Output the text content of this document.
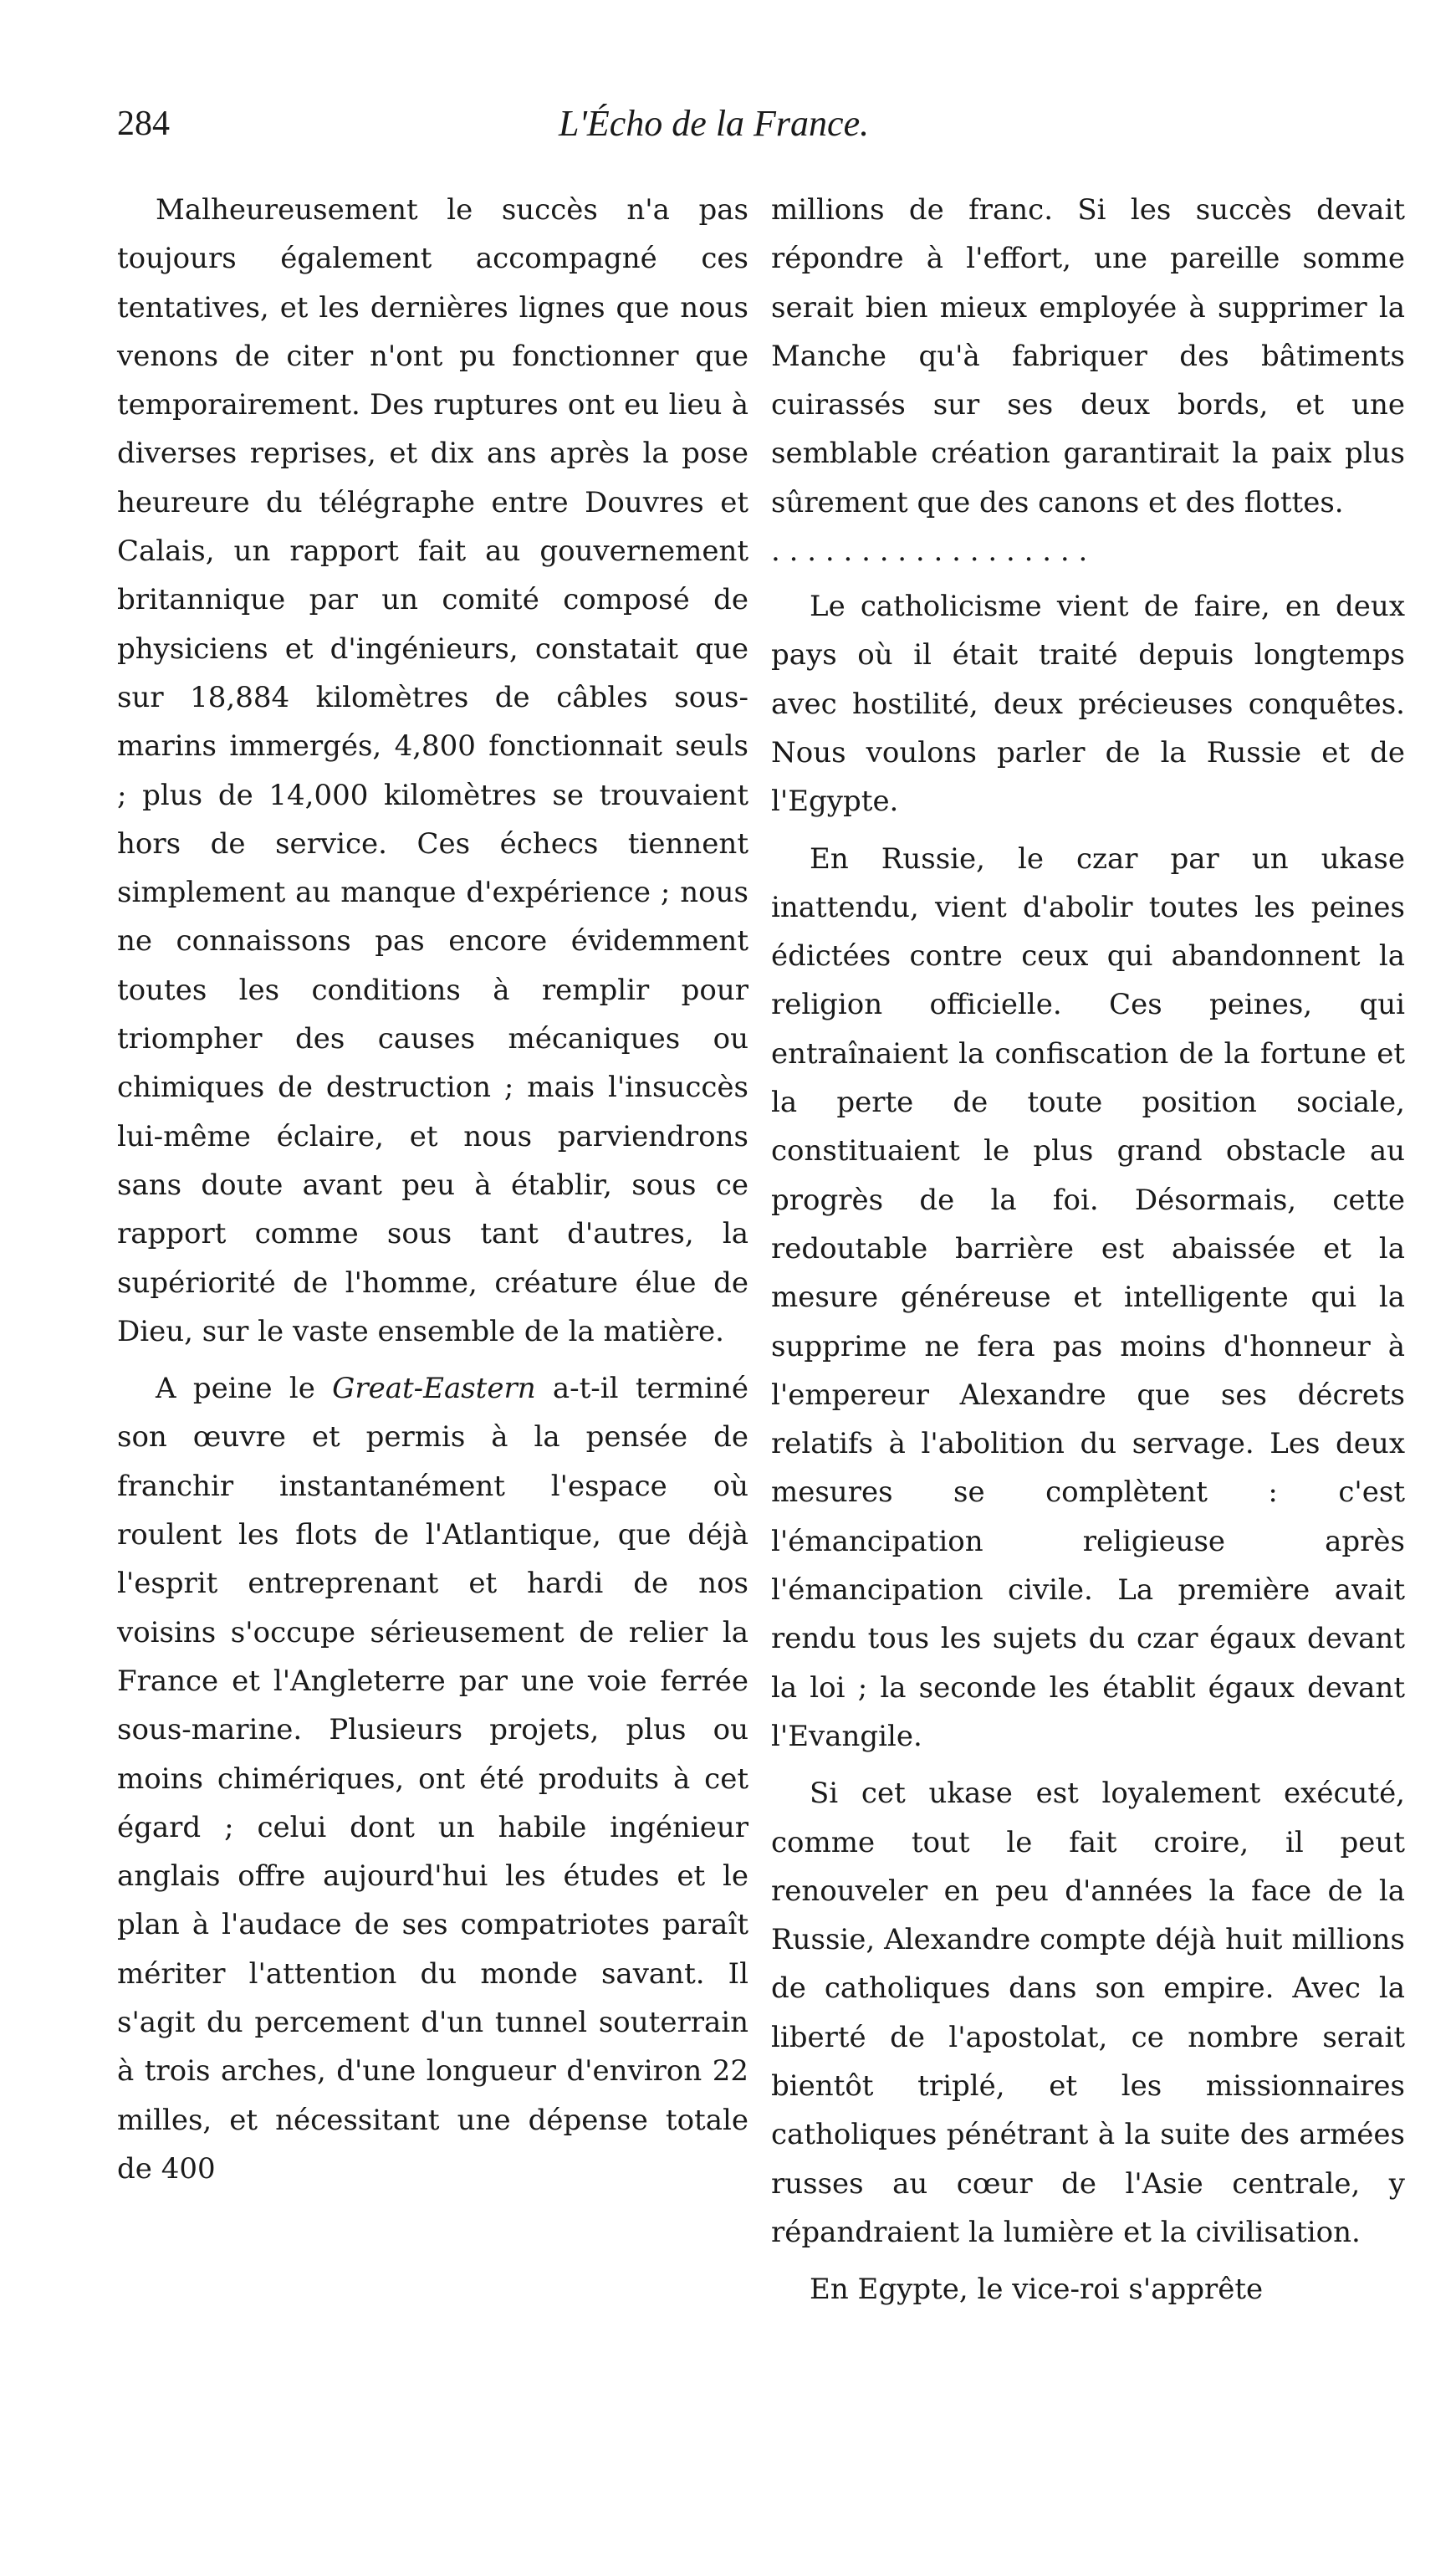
284	L'Écho de la France.

Malheureusement le succès n'a pas toujours également accompagné ces tentatives, et les dernières lignes que nous venons de citer n'ont pu fonctionner que temporairement. Des ruptures ont eu lieu à diverses reprises, et dix ans après la pose heureure du télégraphe entre Douvres et Calais, un rapport fait au gouvernement britannique par un comité composé de physiciens et d'ingénieurs, constatait que sur 18,884 kilomètres de câbles sous-marins immergés, 4,800 fonctionnait seuls ; plus de 14,000 kilomètres se trouvaient hors de service. Ces échecs tiennent simplement au manque d'expérience ; nous ne connaissons pas encore évidemment toutes les conditions à remplir pour triompher des causes mécaniques ou chimiques de destruction ; mais l'insuccès lui-même éclaire, et nous parviendrons sans doute avant peu à établir, sous ce rapport comme sous tant d'autres, la supériorité de l'homme, créature élue de Dieu, sur le vaste ensemble de la matière.

A peine le Great-Eastern a-t-il terminé son œuvre et permis à la pensée de franchir instantanément l'espace où roulent les flots de l'Atlantique, que déjà l'esprit entreprenant et hardi de nos voisins s'occupe sérieusement de relier la France et l'Angleterre par une voie ferrée sous-marine. Plusieurs projets, plus ou moins chimériques, ont été produits à cet égard ; celui dont un habile ingénieur anglais offre aujourd'hui les études et le plan à l'audace de ses compatriotes paraît mériter l'attention du monde savant. Il s'agit du percement d'un tunnel souterrain à trois arches, d'une longueur d'environ 22 milles, et nécessitant une dépense totale de 400

millions de franc. Si les succès devait répondre à l'effort, une pareille somme serait bien mieux employée à supprimer la Manche qu'à fabriquer des bâtiments cuirassés sur ses deux bords, et une semblable création garantirait la paix plus sûrement que des canons et des flottes.

. . . . . . . . . . . . . . . . . .

Le catholicisme vient de faire, en deux pays où il était traité depuis longtemps avec hostilité, deux précieuses conquêtes. Nous voulons parler de la Russie et de l'Egypte.

En Russie, le czar par un ukase inattendu, vient d'abolir toutes les peines édictées contre ceux qui abandonnent la religion officielle. Ces peines, qui entraînaient la confiscation de la fortune et la perte de toute position sociale, constituaient le plus grand obstacle au progrès de la foi. Désormais, cette redoutable barrière est abaissée et la mesure généreuse et intelligente qui la supprime ne fera pas moins d'honneur à l'empereur Alexandre que ses décrets relatifs à l'abolition du servage. Les deux mesures se complètent : c'est l'émancipation religieuse après l'émancipation civile. La première avait rendu tous les sujets du czar égaux devant la loi ; la seconde les établit égaux devant l'Evangile.

Si cet ukase est loyalement exécuté, comme tout le fait croire, il peut renouveler en peu d'années la face de la Russie, Alexandre compte déjà huit millions de catholiques dans son empire. Avec la liberté de l'apostolat, ce nombre serait bientôt triplé, et les missionnaires catholiques pénétrant à la suite des armées russes au cœur de l'Asie centrale, y répandraient la lumière et la civilisation.

En Egypte, le vice-roi s'apprête
